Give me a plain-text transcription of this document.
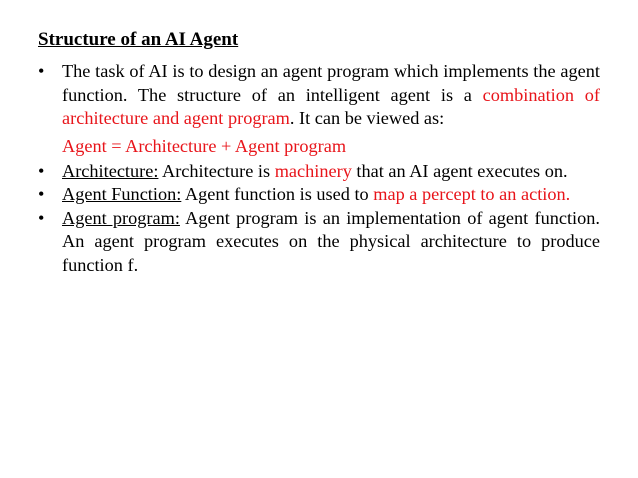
Structure of an AI Agent
• The task of AI is to design an agent program which implements the agent function. The structure of an intelligent agent is a combination of architecture and agent program. It can be viewed as:
Agent = Architecture + Agent program
• Architecture: Architecture is machinery that an AI agent executes on.
• Agent Function: Agent function is used to map a percept to an action.
• Agent program: Agent program is an implementation of agent function. An agent program executes on the physical architecture to produce function f.
